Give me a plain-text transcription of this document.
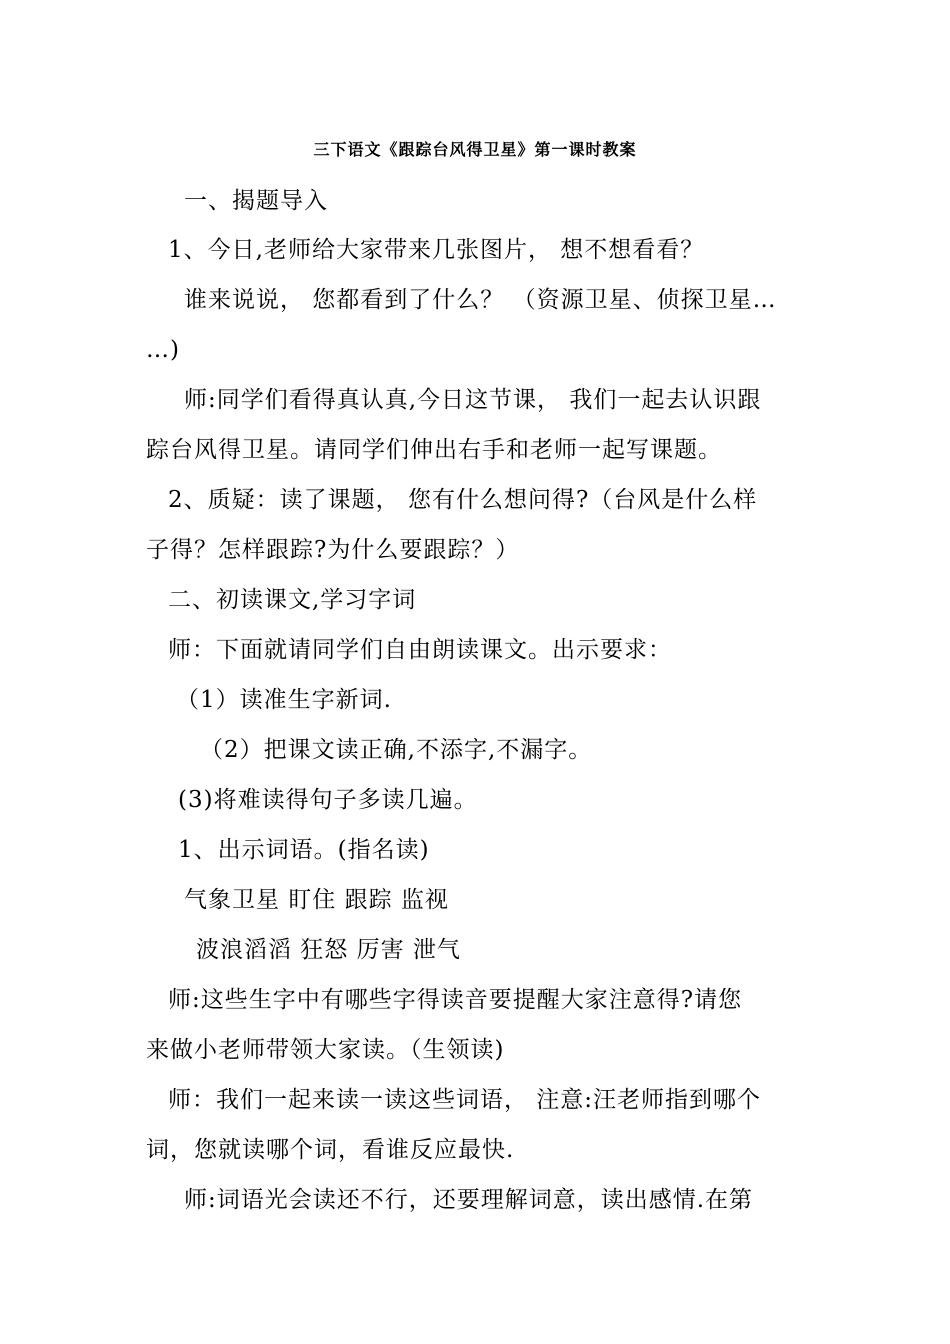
三下语文《跟踪台风得卫星》第一课时教案
一、揭题导入
1、今日,老师给大家带来几张图片， 想不想看看？
谁来说说， 您都看到了什么？ （资源卫星、侦探卫星…
…)
师:同学们看得真认真,今日这节课， 我们一起去认识跟
踪台风得卫星。请同学们伸出右手和老师一起写课题。
2、质疑：读了课题， 您有什么想问得?（台风是什么样
子得？怎样跟踪?为什么要跟踪？）
二、初读课文,学习字词
师：下面就请同学们自由朗读课文。出示要求：
（1）读准生字新词.
（2）把课文读正确,不添字,不漏字。
(3)将难读得句子多读几遍。
1、出示词语。(指名读)
气象卫星 盯住 跟踪 监视
波浪滔滔 狂怒 厉害 泄气
师:这些生字中有哪些字得读音要提醒大家注意得?请您
来做小老师带领大家读。（生领读)
师：我们一起来读一读这些词语， 注意:汪老师指到哪个
词，您就读哪个词，看谁反应最快.
师:词语光会读还不行，还要理解词意，读出感情.在第
